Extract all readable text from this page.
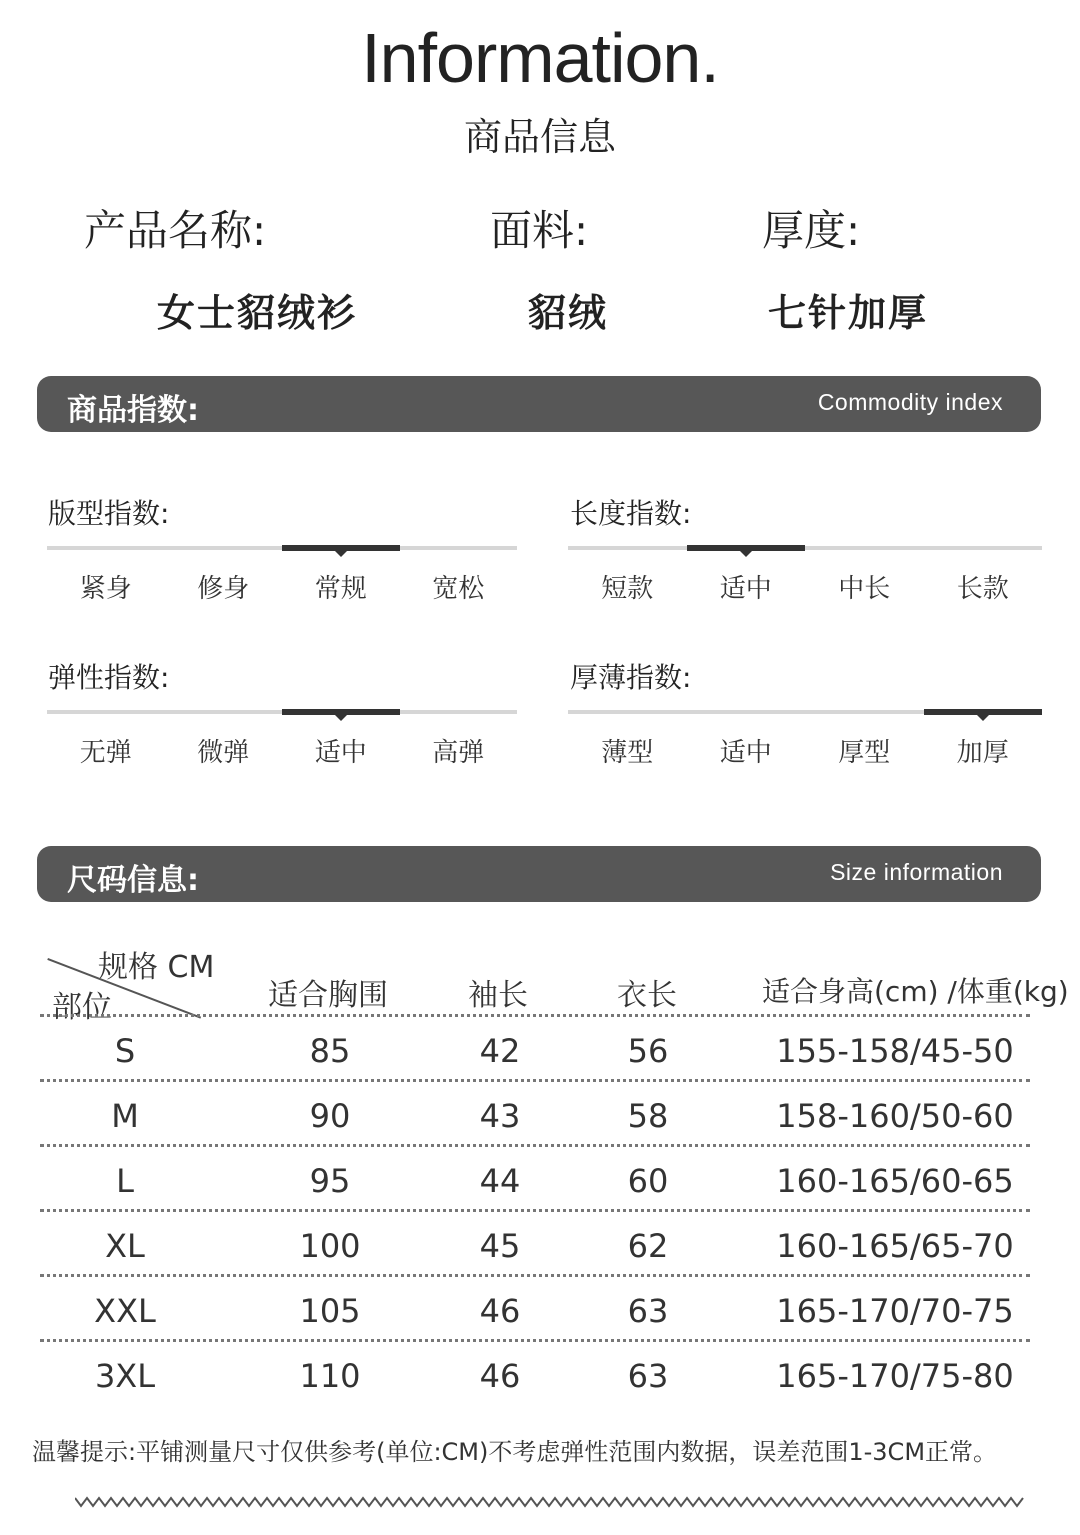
Information.
商品信息
产品名称:	面料:	厚度:
女士貂绒衫	貂绒	七针加厚
商品指数:	Commodity index
版型指数:
紧身	修身	常规	宽松
长度指数:
短款	适中	中长	长款
弹性指数:
无弹	微弹	适中	高弹
厚薄指数:
薄型	适中	厚型	加厚
尺码信息:	Size information
规格 CM
部位	适合胸围	袖长	衣长	适合身高(cm) /体重(kg)
S	85	42	56	155-158/45-50
M	90	43	58	158-160/50-60
L	95	44	60	160-165/60-65
XL	100	45	62	160-165/65-70
XXL	105	46	63	165-170/70-75
3XL	110	46	63	165-170/75-80
温馨提示:平铺测量尺寸仅供参考(单位:CM)不考虑弹性范围内数据，误差范围1-3CM正常。
